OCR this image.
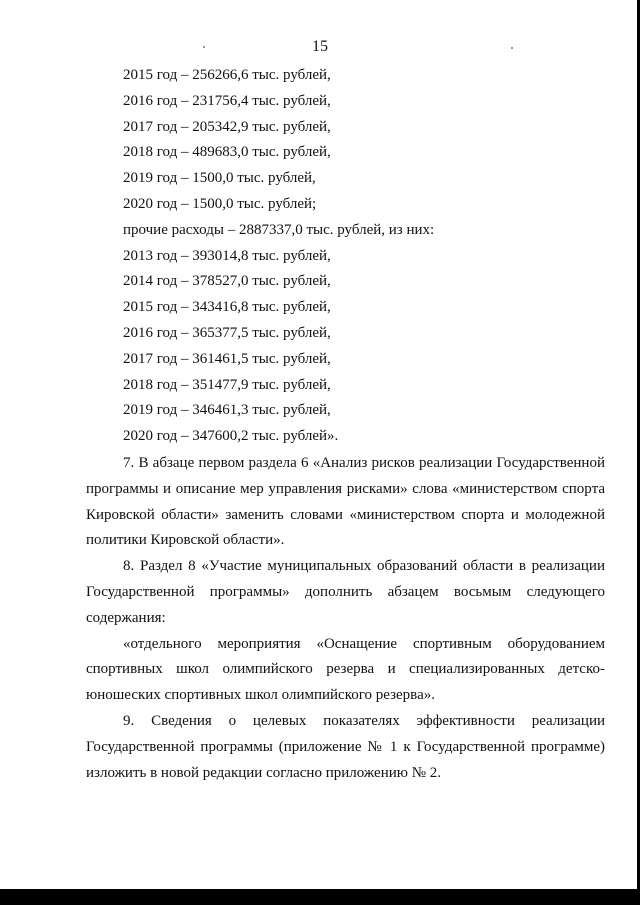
15
2015 год – 256266,6 тыс. рублей,
2016 год – 231756,4 тыс. рублей,
2017 год – 205342,9 тыс. рублей,
2018 год – 489683,0 тыс. рублей,
2019 год – 1500,0 тыс. рублей,
2020 год – 1500,0 тыс. рублей;
прочие расходы – 2887337,0 тыс. рублей, из них:
2013 год – 393014,8 тыс. рублей,
2014 год – 378527,0 тыс. рублей,
2015 год – 343416,8 тыс. рублей,
2016 год – 365377,5 тыс. рублей,
2017 год – 361461,5 тыс. рублей,
2018 год – 351477,9 тыс. рублей,
2019 год – 346461,3 тыс. рублей,
2020 год – 347600,2 тыс. рублей».

7. В абзаце первом раздела 6 «Анализ рисков реализации Государственной программы и описание мер управления рисками» слова «министерством спорта Кировской области» заменить словами «министерством спорта и молодежной политики Кировской области».

8. Раздел 8 «Участие муниципальных образований области в реализации Государственной программы» дополнить абзацем восьмым следующего содержания:

«отдельного мероприятия «Оснащение спортивным оборудованием спортивных школ олимпийского резерва и специализированных детско-юношеских спортивных школ олимпийского резерва».

9. Сведения о целевых показателях эффективности реализации Государственной программы (приложение № 1 к Государственной программе) изложить в новой редакции согласно приложению № 2.
